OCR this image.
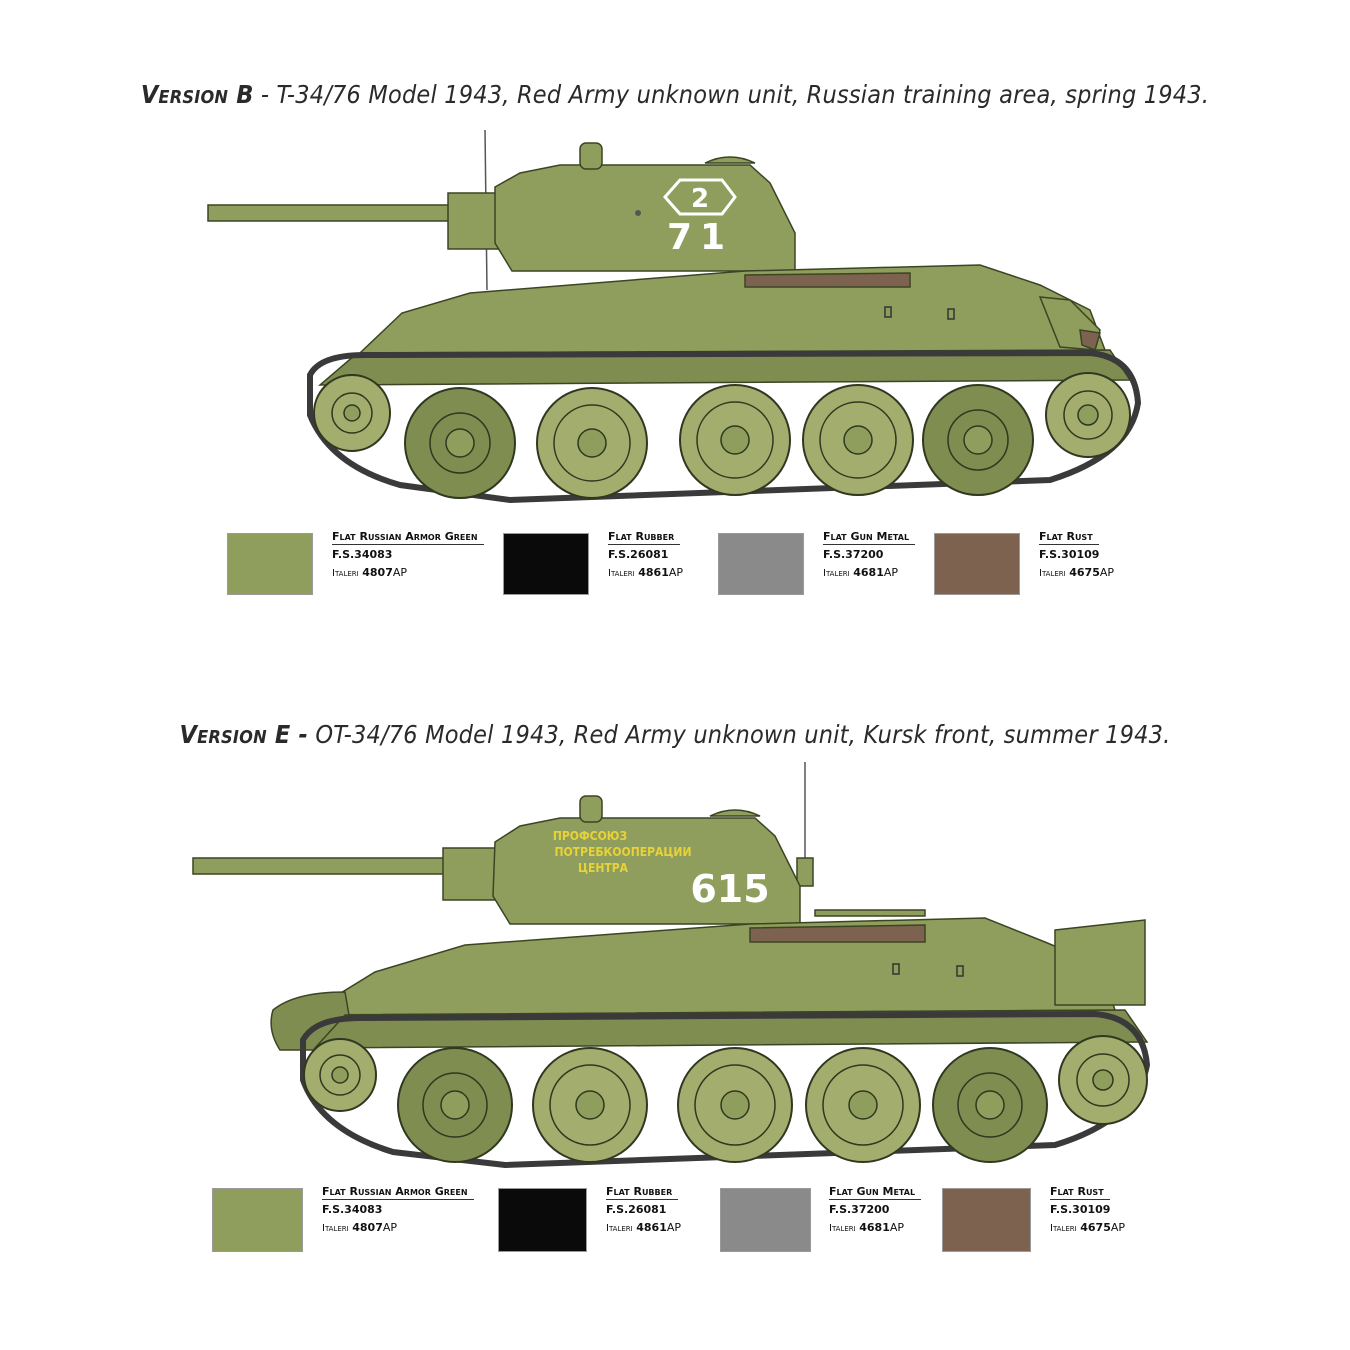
Version B - T-34/76 Model 1943, Red Army unknown unit, Russian training area, spring 1943.
2
71
Flat Russian Armor Green
F.S.34083
Italeri 4807AP
Flat Rubber
F.S.26081
Italeri 4861AP
Flat Gun Metal
F.S.37200
Italeri 4681AP
Flat Rust
F.S.30109
Italeri 4675AP
Version E - OT-34/76 Model 1943, Red Army unknown unit, Kursk front, summer 1943.
ПРОФСОЮЗ
ПОТРЕБКООПЕРАЦИИ
ЦЕНТРА 615
Flat Russian Armor Green
F.S.34083
Italeri 4807AP
Flat Rubber
F.S.26081
Italeri 4861AP
Flat Gun Metal
F.S.37200
Italeri 4681AP
Flat Rust
F.S.30109
Italeri 4675AP
